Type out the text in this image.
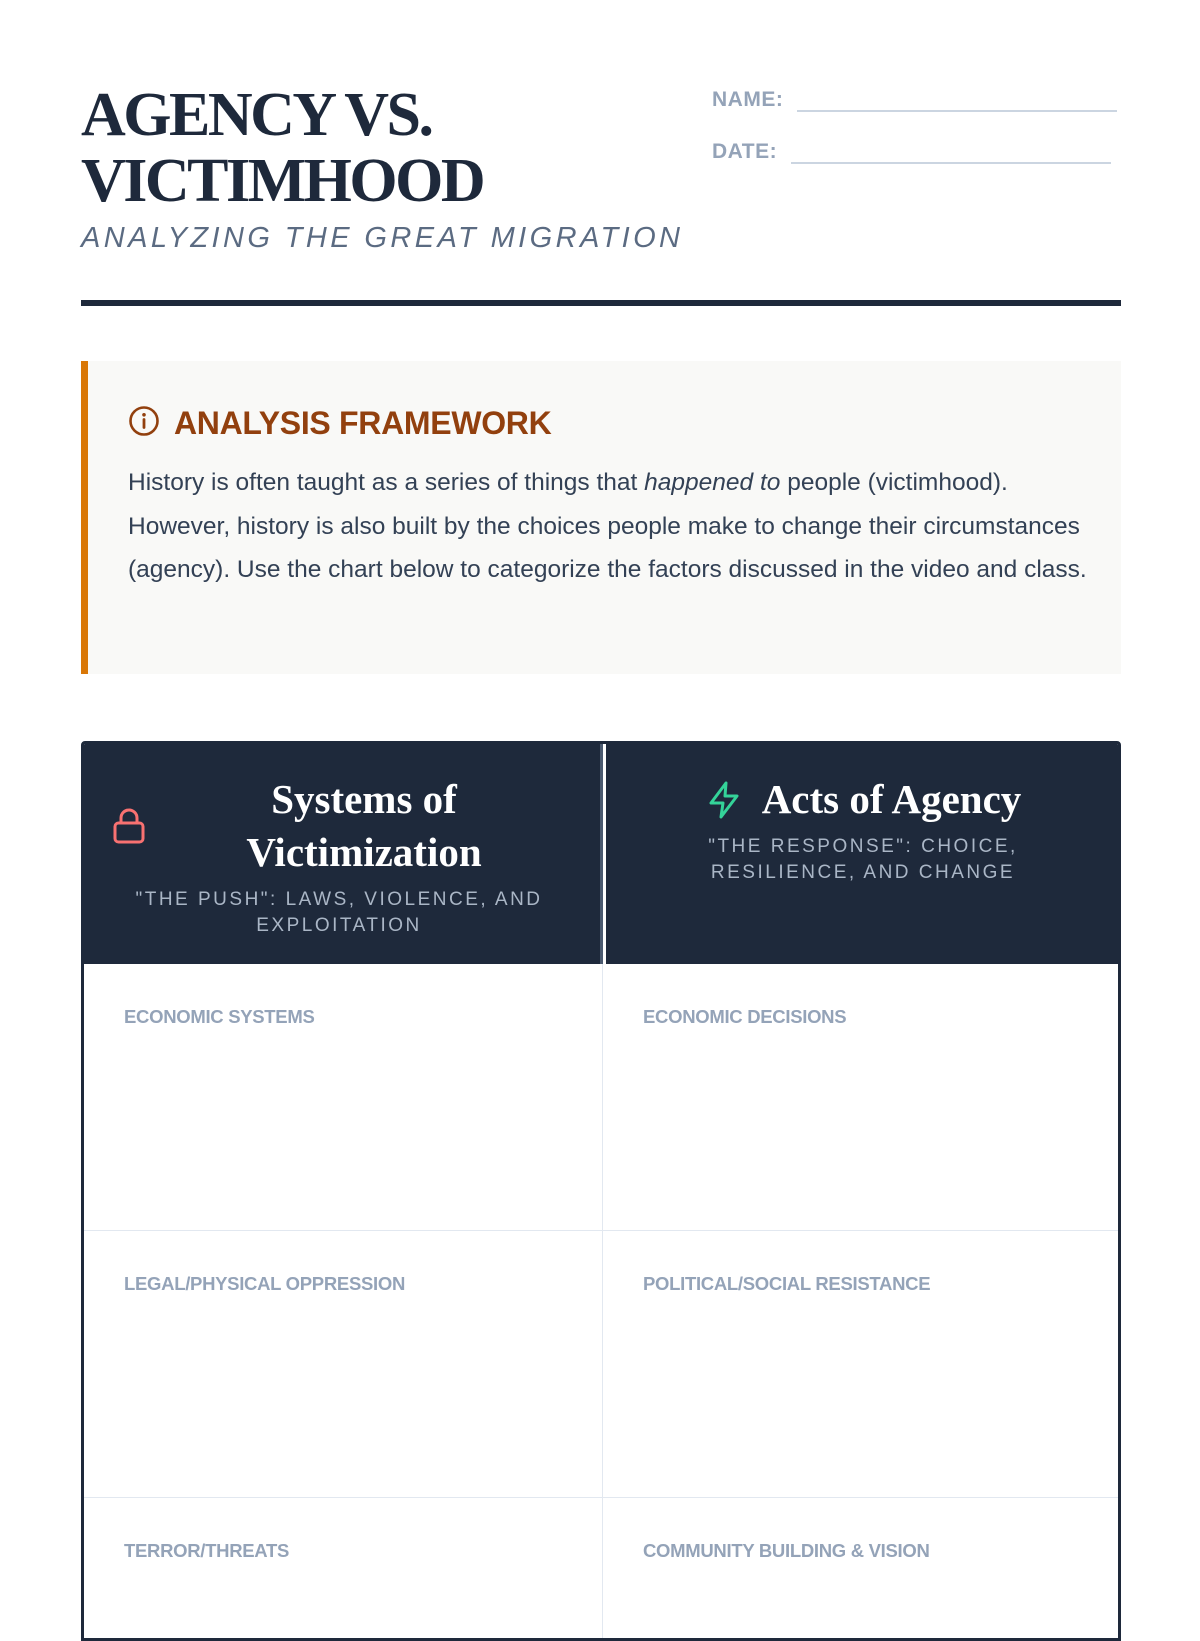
AGENCY VS.
VICTIMHOOD
ANALYZING THE GREAT MIGRATION
NAME:
DATE:
ANALYSIS FRAMEWORK
History is often taught as a series of things that happened to people (victimhood). However, history is also built by the choices people make to change their circumstances (agency). Use the chart below to categorize the factors discussed in the video and class.
Systems of
Victimization
"THE PUSH": LAWS, VIOLENCE, AND EXPLOITATION
Acts of Agency
"THE RESPONSE": CHOICE, RESILIENCE, AND CHANGE
ECONOMIC SYSTEMS	ECONOMIC DECISIONS
LEGAL/PHYSICAL OPPRESSION	POLITICAL/SOCIAL RESISTANCE
TERROR/THREATS	COMMUNITY BUILDING & VISION
